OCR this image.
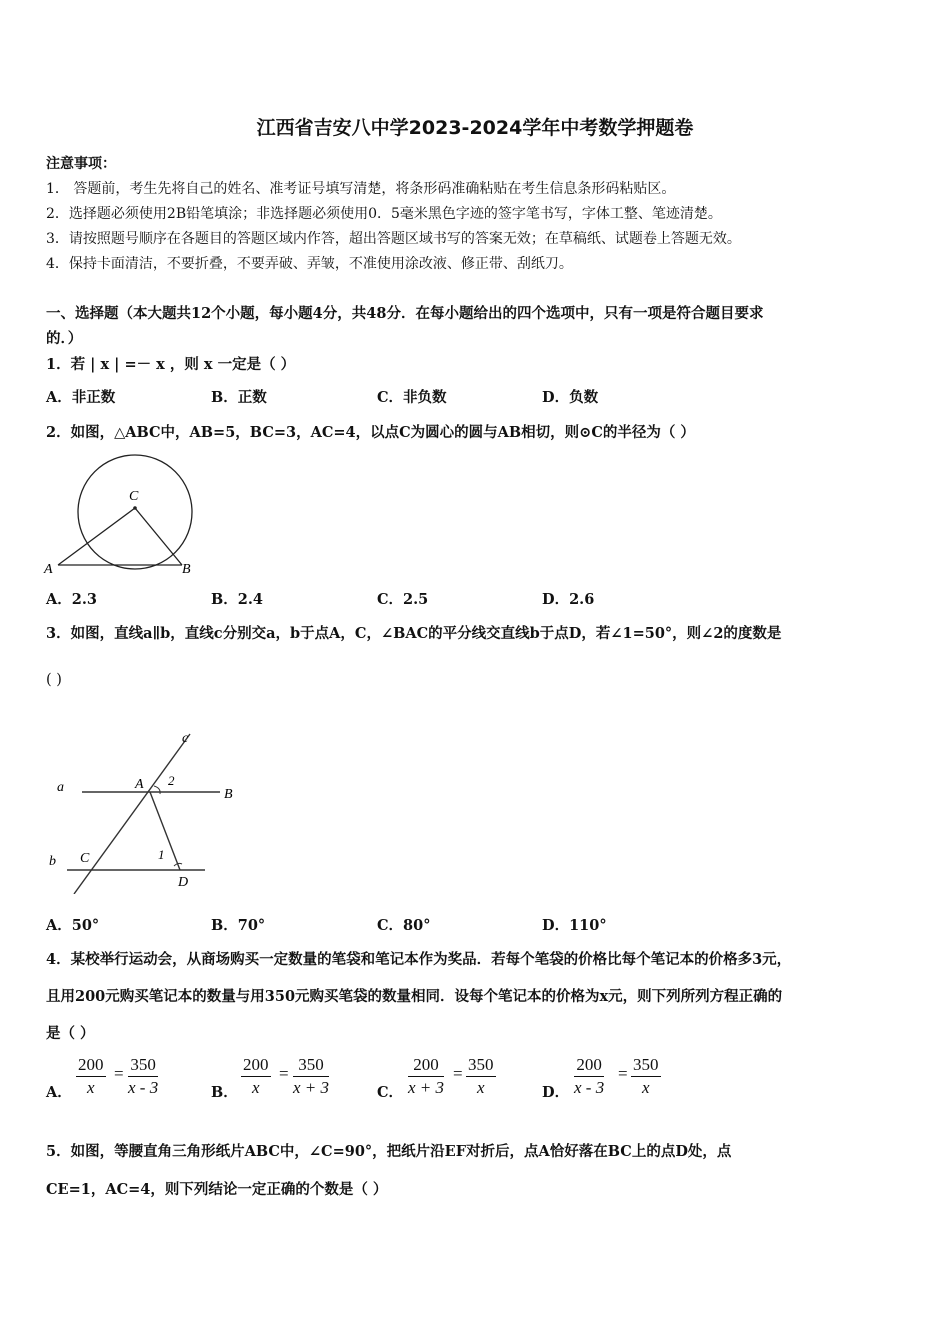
江西省吉安八中学2023-2024学年中考数学押题卷
注意事项：
1． 答题前，考生先将自己的姓名、准考证号填写清楚，将条形码准确粘贴在考生信息条形码粘贴区。
2．选择题必须使用2B铅笔填涂；非选择题必须使用0．5毫米黑色字迹的签字笔书写，字体工整、笔迹清楚。
3．请按照题号顺序在各题目的答题区域内作答，超出答题区域书写的答案无效；在草稿纸、试题卷上答题无效。
4．保持卡面清洁，不要折叠，不要弄破、弄皱，不准使用涂改液、修正带、刮纸刀。
一、选择题（本大题共12个小题，每小题4分，共48分．在每小题给出的四个选项中，只有一项是符合题目要求
的．）
1．若 | x | =－ x ，则 x 一定是（ ）
A．非正数	B．正数	C．非负数	D．负数
2．如图，△ABC中，AB=5，BC=3，AC=4，以点C为圆心的圆与AB相切，则⊙C的半径为（ ）
C
A	B
A．2.3	B．2.4	C．2.5	D．2.6
3．如图，直线a∥b，直线c分别交a，b于点A，C，∠BAC的平分线交直线b于点D，若∠1=50°，则∠2的度数是
( )
c
a	A 2
B
b C	1
D
A．50°	B．70°	C．80°	D．110°
4．某校举行运动会，从商场购买一定数量的笔袋和笔记本作为奖品．若每个笔袋的价格比每个笔记本的价格多3元，
且用200元购买笔记本的数量与用350元购买笔袋的数量相同．设每个笔记本的价格为x元，则下列所列方程正确的
是（ ）
A． $\frac{200}{x} = \frac{350}{x - 3}$	B． $\frac{200}{x} = \frac{350}{x + 3}$	C． $\frac{200}{x + 3} = \frac{350}{x}$	D． $\frac{200}{x - 3} = \frac{350}{x}$
5．如图，等腰直角三角形纸片ABC中，∠C=90°，把纸片沿EF对折后，点A恰好落在BC上的点D处，点
CE=1，AC=4，则下列结论一定正确的个数是（ ）
